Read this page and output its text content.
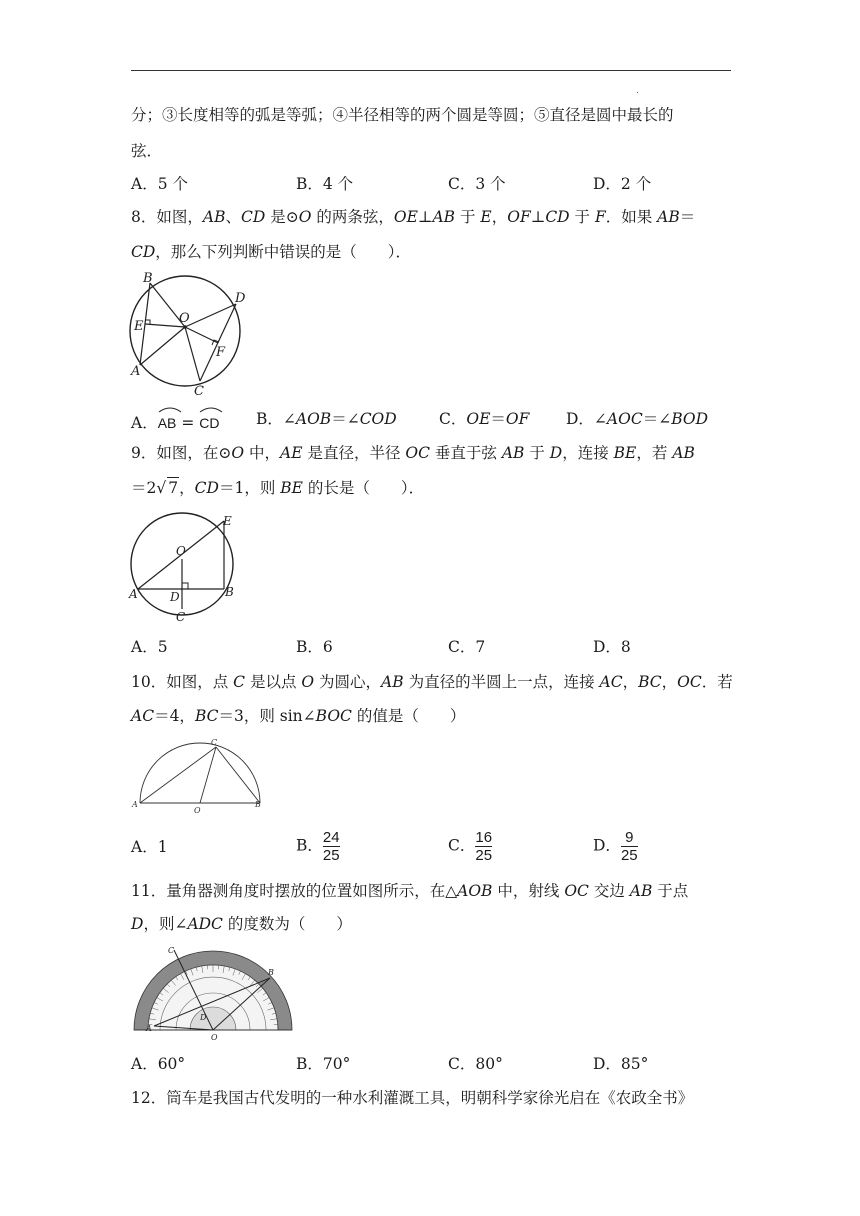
.
分；③长度相等的弧是等弧；④半径相等的两个圆是等圆；⑤直径是圆中最长的
弦．
A．5 个	B．4 个	C．3 个	D．2 个
8．如图，AB、CD 是⊙O 的两条弦，OE⊥AB 于 E，OF⊥CD 于 F．如果 AB＝
CD，那么下列判断中错误的是（　　）．
B
D
E
O
F
A
C
A．
AB =
CD B．∠AOB＝∠COD	C．OE＝OF D．∠AOC＝∠BOD
9．如图，在⊙O 中，AE 是直径，半径 OC 垂直于弦 AB 于 D，连接 BE，若 AB
＝2√ 7，CD＝1，则 BE 的长是（　　）．
E
O
A	D	B
C
A．5	B．6	C．7	D．8
10．如图，点 C 是以点 O 为圆心，AB 为直径的半圆上一点，连接 AC，BC，OC．若
AC＝4，BC＝3，则 sin∠BOC 的值是（　　）
C
A
O
B
A．1	B． $\frac{24}{25}$	C． $\frac{16}{25}$	D． $\frac{9}{25}$
11．量角器测角度时摆放的位置如图所示，在△AOB 中，射线 OC 交边 AB 于点
D，则∠ADC 的度数为（　　）
C
B
D
A
O
A．60°	B．70°	C．80°	D．85°
12．筒车是我国古代发明的一种水利灌溉工具，明朝科学家徐光启在《农政全书》
